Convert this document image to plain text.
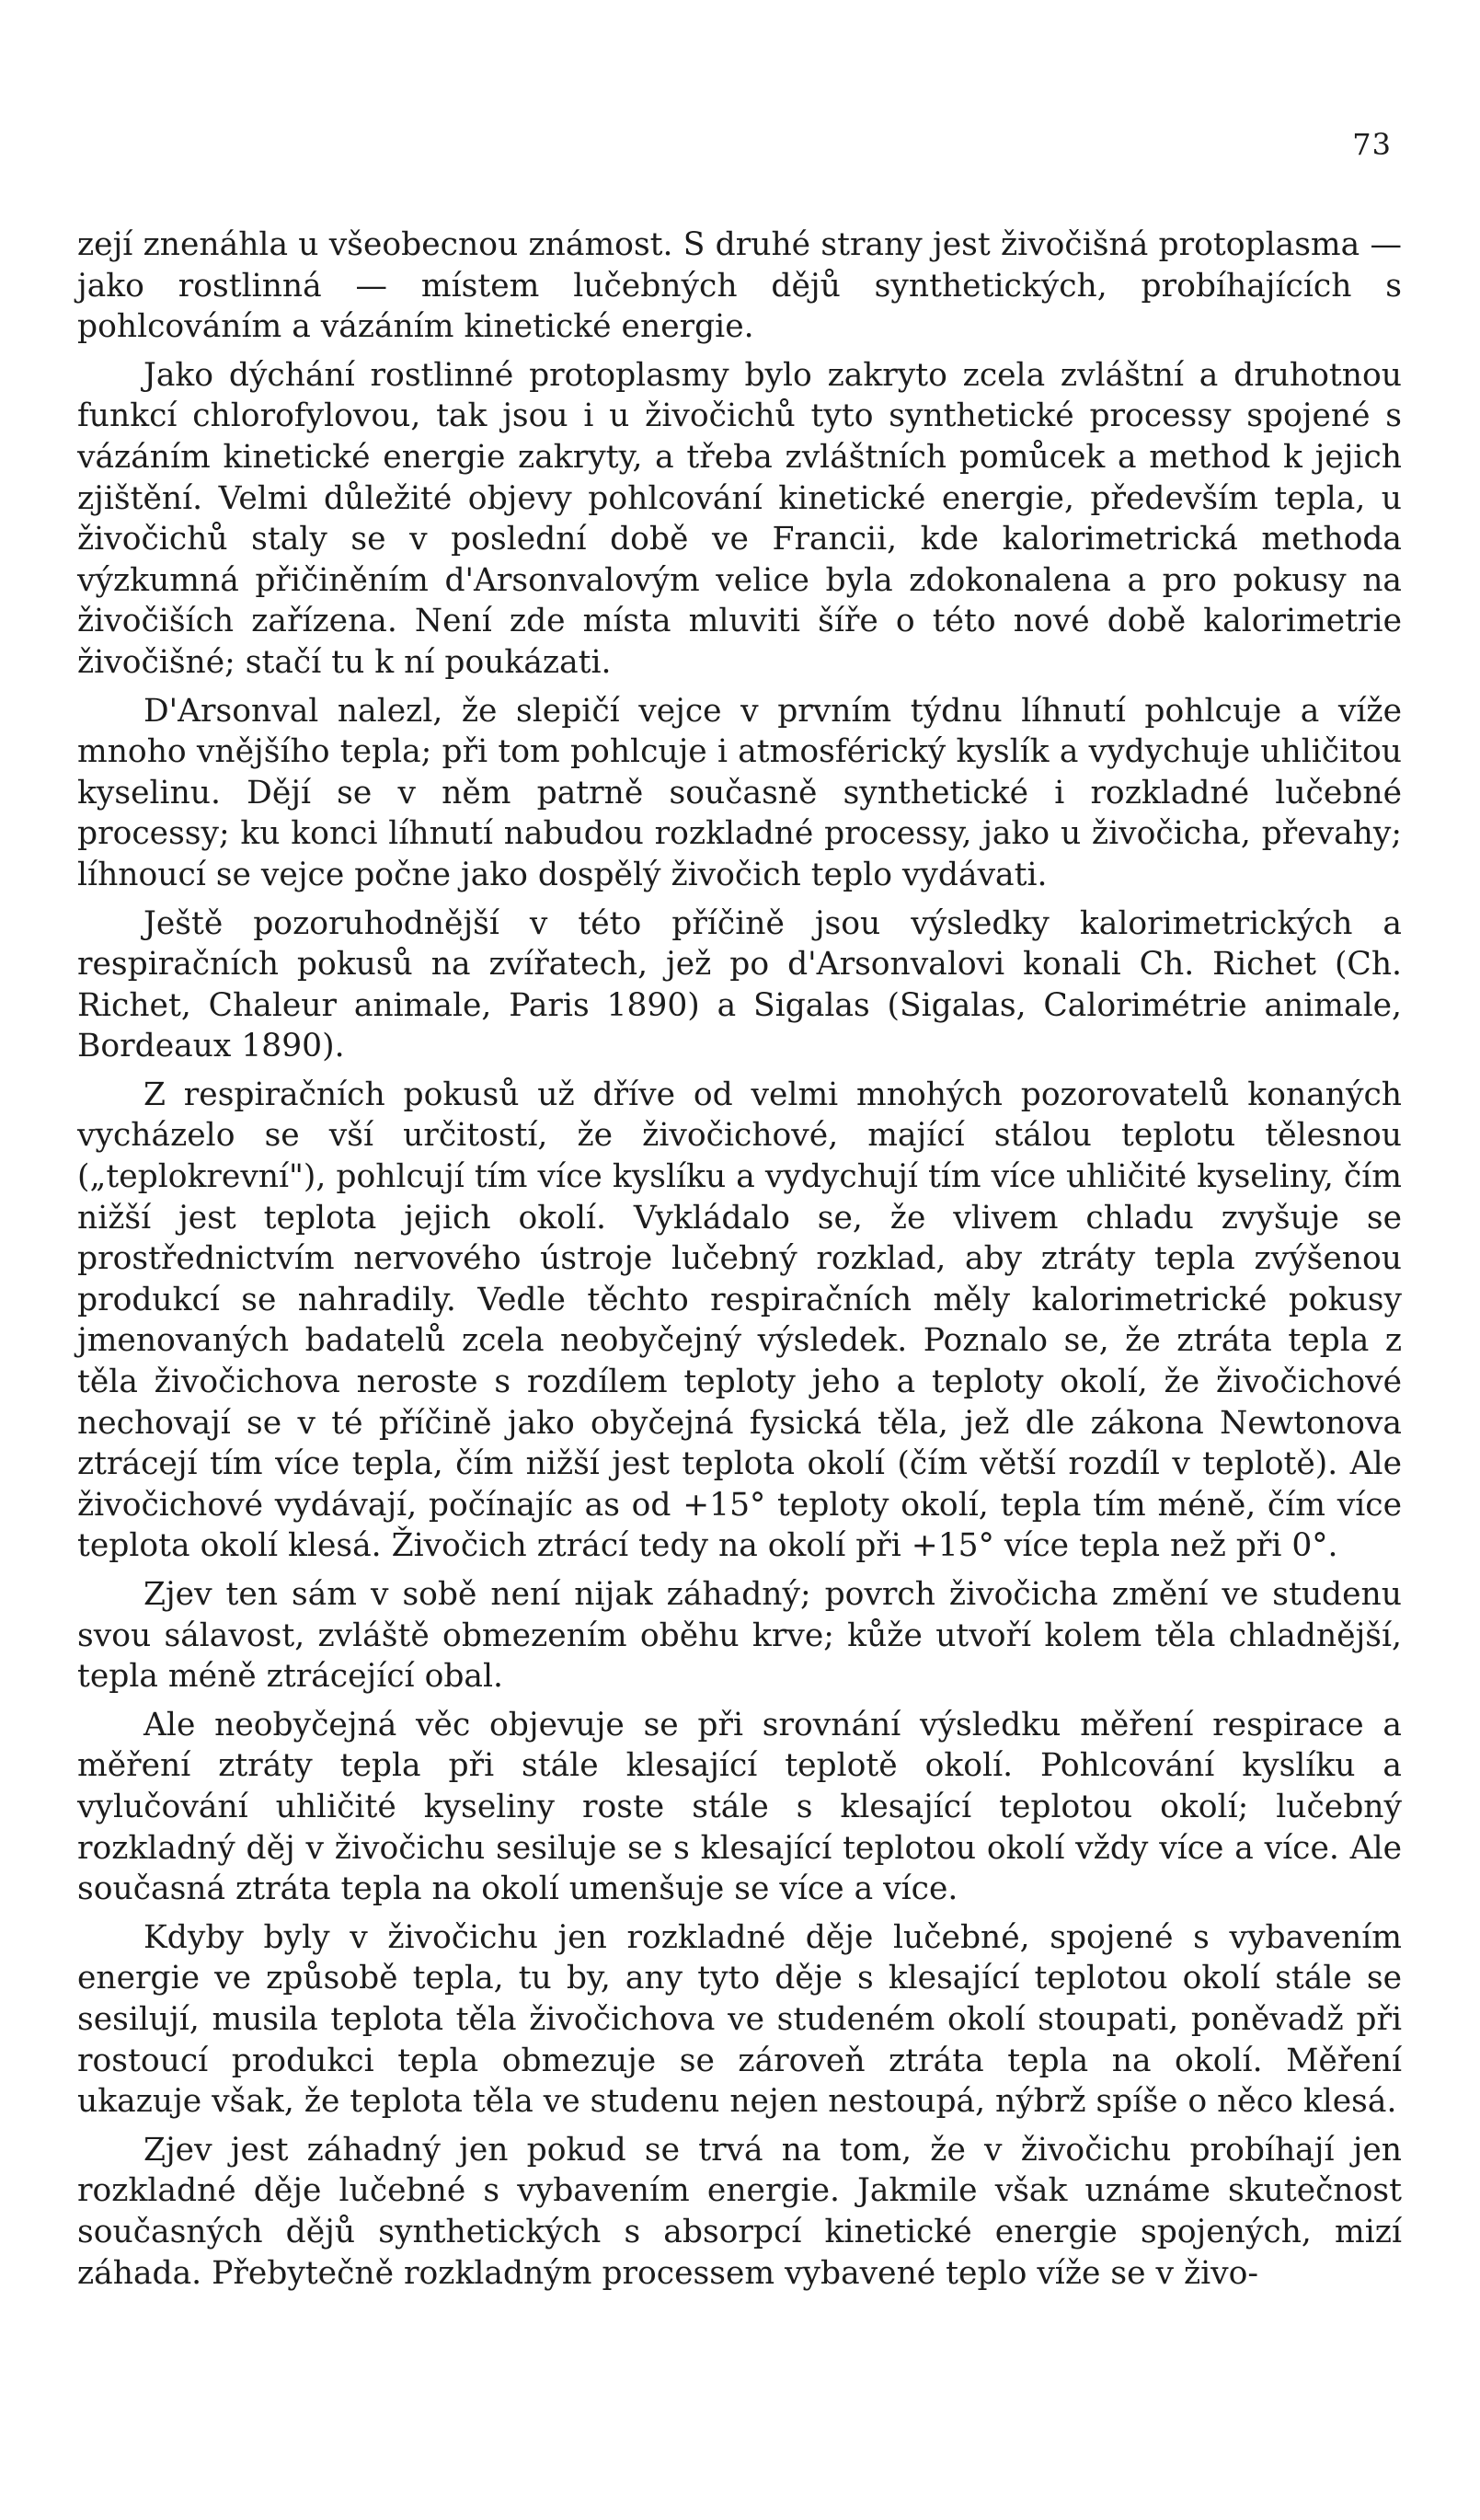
73

zejí znenáhla u všeobecnou známost. S druhé strany jest živočišná protoplasma — jako rostlinná — místem lučebných dějů synthetických, probíhajících s pohlcováním a vázáním kinetické energie.

Jako dýchání rostlinné protoplasmy bylo zakryto zcela zvláštní a druhotnou funkcí chlorofylovou, tak jsou i u živočichů tyto synthetické processy spojené s vázáním kinetické energie zakryty, a třeba zvláštních pomůcek a method k jejich zjištění. Velmi důležité objevy pohlcování kinetické energie, především tepla, u živočichů staly se v poslední době ve Francii, kde kalorimetrická methoda výzkumná přičiněním d'Arsonvalovým velice byla zdokonalena a pro pokusy na živočiších zařízena. Není zde místa mluviti šíře o této nové době kalorimetrie živočišné; stačí tu k ní poukázati.

D'Arsonval nalezl, že slepičí vejce v prvním týdnu líhnutí pohlcuje a víže mnoho vnějšího tepla; při tom pohlcuje i atmosférický kyslík a vydychuje uhličitou kyselinu. Dějí se v něm patrně současně synthetické i rozkladné lučebné processy; ku konci líhnutí nabudou rozkladné processy, jako u živočicha, převahy; líhnoucí se vejce počne jako dospělý živočich teplo vydávati.

Ještě pozoruhodnější v této příčině jsou výsledky kalorimetrických a respiračních pokusů na zvířatech, jež po d'Arsonvalovi konali Ch. Richet (Ch. Richet, Chaleur animale, Paris 1890) a Sigalas (Sigalas, Calorimétrie animale, Bordeaux 1890).

Z respiračních pokusů už dříve od velmi mnohých pozorovatelů konaných vycházelo se vší určitostí, že živočichové, mající stálou teplotu tělesnou („teplokrevní"), pohlcují tím více kyslíku a vydychují tím více uhličité kyseliny, čím nižší jest teplota jejich okolí. Vykládalo se, že vlivem chladu zvyšuje se prostřednictvím nervového ústroje lučebný rozklad, aby ztráty tepla zvýšenou produkcí se nahradily. Vedle těchto respiračních měly kalorimetrické pokusy jmenovaných badatelů zcela neobyčejný výsledek. Poznalo se, že ztráta tepla z těla živočichova neroste s rozdílem teploty jeho a teploty okolí, že živočichové nechovají se v té příčině jako obyčejná fysická těla, jež dle zákona Newtonova ztrácejí tím více tepla, čím nižší jest teplota okolí (čím větší rozdíl v teplotě). Ale živočichové vydávají, počínajíc as od +15° teploty okolí, tepla tím méně, čím více teplota okolí klesá. Živočich ztrácí tedy na okolí při +15° více tepla než při 0°.

Zjev ten sám v sobě není nijak záhadný; povrch živočicha změní ve studenu svou sálavost, zvláště obmezením oběhu krve; kůže utvoří kolem těla chladnější, tepla méně ztrácející obal.

Ale neobyčejná věc objevuje se při srovnání výsledku měření respirace a měření ztráty tepla při stále klesající teplotě okolí. Pohlcování kyslíku a vylučování uhličité kyseliny roste stále s klesající teplotou okolí; lučebný rozkladný děj v živočichu sesiluje se s klesající teplotou okolí vždy více a více. Ale současná ztráta tepla na okolí umenšuje se více a více.

Kdyby byly v živočichu jen rozkladné děje lučebné, spojené s vybavením energie ve způsobě tepla, tu by, any tyto děje s klesající teplotou okolí stále se sesilují, musila teplota těla živočichova ve studeném okolí stoupati, poněvadž při rostoucí produkci tepla obmezuje se zároveň ztráta tepla na okolí. Měření ukazuje však, že teplota těla ve studenu nejen nestoupá, nýbrž spíše o něco klesá.

Zjev jest záhadný jen pokud se trvá na tom, že v živočichu probíhají jen rozkladné děje lučebné s vybavením energie. Jakmile však uznáme skutečnost současných dějů synthetických s absorpcí kinetické energie spojených, mizí záhada. Přebytečně rozkladným processem vybavené teplo víže se v živo-
